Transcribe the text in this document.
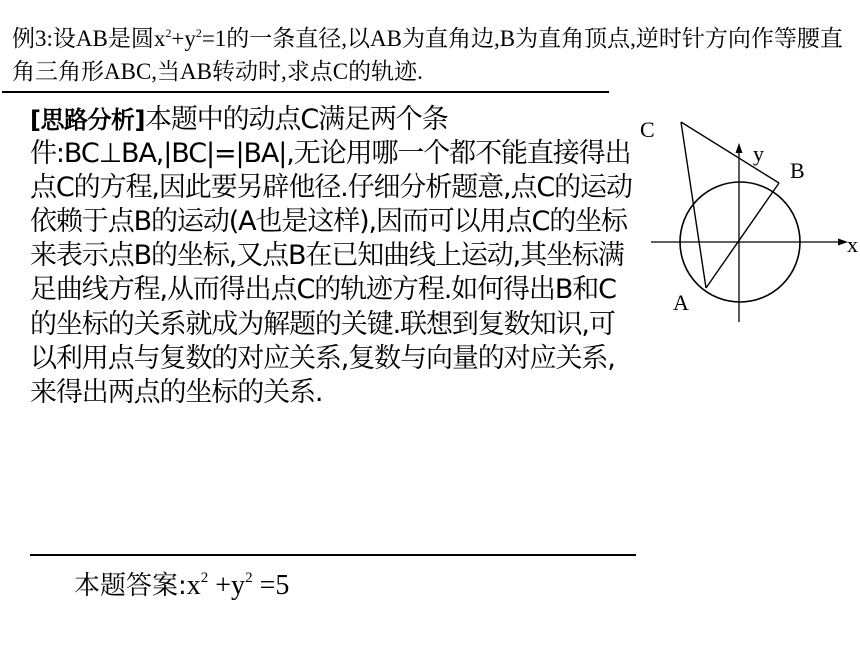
例3:设AB是圆$x^2+y^2=1$的一条直径,以AB为直角边,B为直角顶点,逆时针方向作等腰直角三角形ABC,当AB转动时,求点C的轨迹.
[思路分析]本题中的动点C满足两个条件:BC⊥BA,|BC|=|BA|,无论用哪一个都不能直接得出点C的方程,因此要另辟他径.仔细分析题意,点C的运动依赖于点B的运动(A也是这样),因而可以用点C的坐标来表示点B的坐标,又点B在已知曲线上运动,其坐标满足曲线方程,从而得出点C的轨迹方程.如何得出B和C的坐标的关系就成为解题的关键.联想到复数知识,可以利用点与复数的对应关系,复数与向量的对应关系,来得出两点的坐标的关系.
C
y
B
x
A
本题答案$:x^2 +y^2 =5$
